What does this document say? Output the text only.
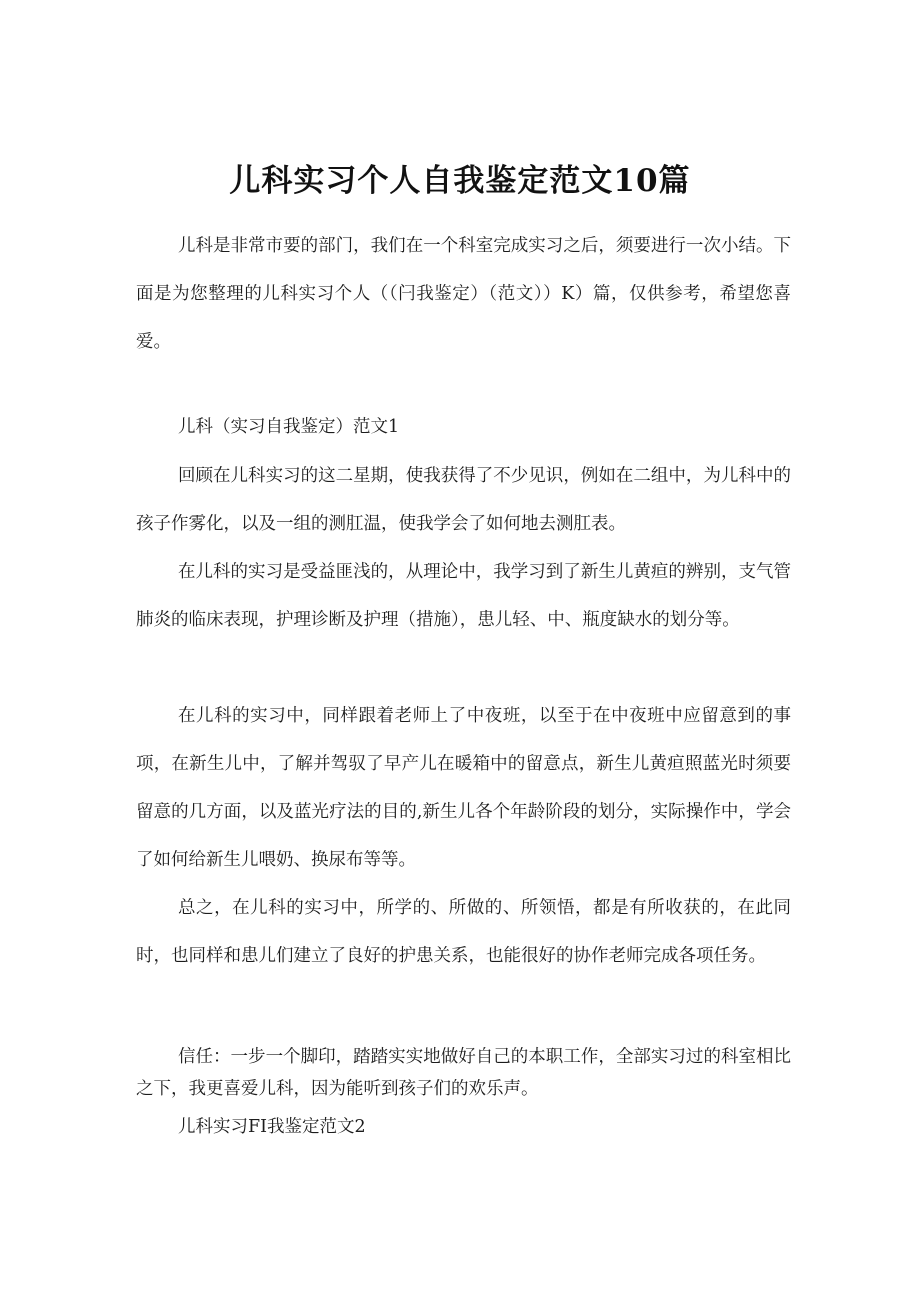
儿科实习个人自我鉴定范文10篇

儿科是非常市要的部门，我们在一个科室完成实习之后，须要进行一次小结。下面是为您整理的儿科实习个人（（闩我鉴定）（范文））K）篇，仅供参考，希望您喜爱。

儿科（实习自我鉴定）范文1

回顾在儿科实习的这二星期，使我获得了不少见识，例如在二组中，为儿科中的孩子作雾化，以及一组的测肛温，使我学会了如何地去测肛表。

在儿科的实习是受益匪浅的，从理论中，我学习到了新生儿黄疸的辨别，支气管肺炎的临床表现，护理诊断及护理（措施），患儿轻、中、瓶度缺水的划分等。

在儿科的实习中，同样跟着老师上了中夜班，以至于在中夜班中应留意到的事项，在新生儿中，了解并驾驭了早产儿在暖箱中的留意点，新生儿黄疸照蓝光时须要留意的几方面，以及蓝光疗法的目的,新生儿各个年龄阶段的划分，实际操作中，学会了如何给新生儿喂奶、换尿布等等。

总之，在儿科的实习中，所学的、所做的、所领悟，都是有所收获的，在此同时，也同样和患儿们建立了良好的护患关系，也能很好的协作老师完成各项任务。

信任：一步一个脚印，踏踏实实地做好自己的本职工作，全部实习过的科室相比之下，我更喜爱儿科，因为能听到孩子们的欢乐声。

儿科实习FI我鉴定范文2
